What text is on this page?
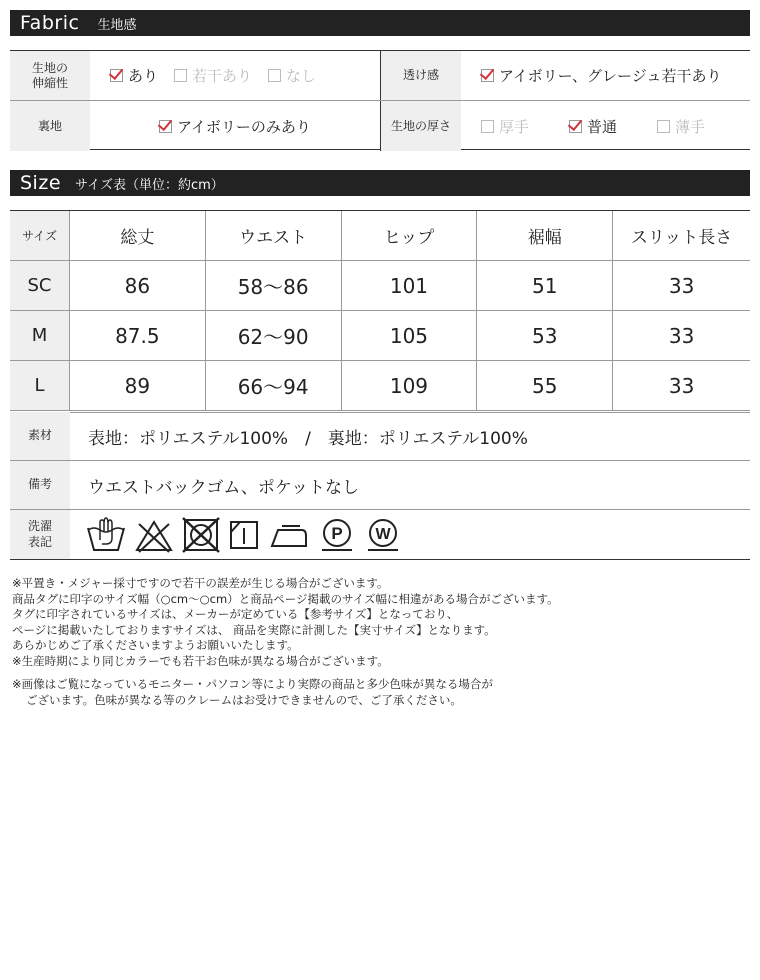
Fabric 生地感
生地の
伸縮性	あり 若干あり なし	透け感	アイボリー、グレージュ若干あり
裏地	アイボリーのみあり	生地の厚さ	厚手	普通	薄手
Size サイズ表（単位：約cm）
サイズ	総丈	ウエスト	ヒップ	裾幅	スリット長さ
SC	86	58～86	101	51	33
M	87.5	62～90	105	53	33
L	89	66～94	109	55	33
素材	表地：ポリエステル100%　/　裏地：ポリエステル100%
備考	ウエストバックゴム、ポケットなし
洗濯
表記	P W

※平置き・メジャー採寸ですので若干の誤差が生じる場合がございます。

商品タグに印字のサイズ幅（○cm～○cm）と商品ページ掲載のサイズ幅に相違がある場合がございます。

タグに印字されているサイズは、メーカーが定めている【参考サイズ】となっており、

ページに掲載いたしておりますサイズは、 商品を実際に計測した【実寸サイズ】となります。

あらかじめご了承くださいますようお願いいたします。

※生産時期により同じカラーでも若干お色味が異なる場合がございます。

※画像はご覧になっているモニター・パソコン等により実際の商品と多少色味が異なる場合が

ございます。色味が異なる等のクレームはお受けできませんので、ご了承ください。
